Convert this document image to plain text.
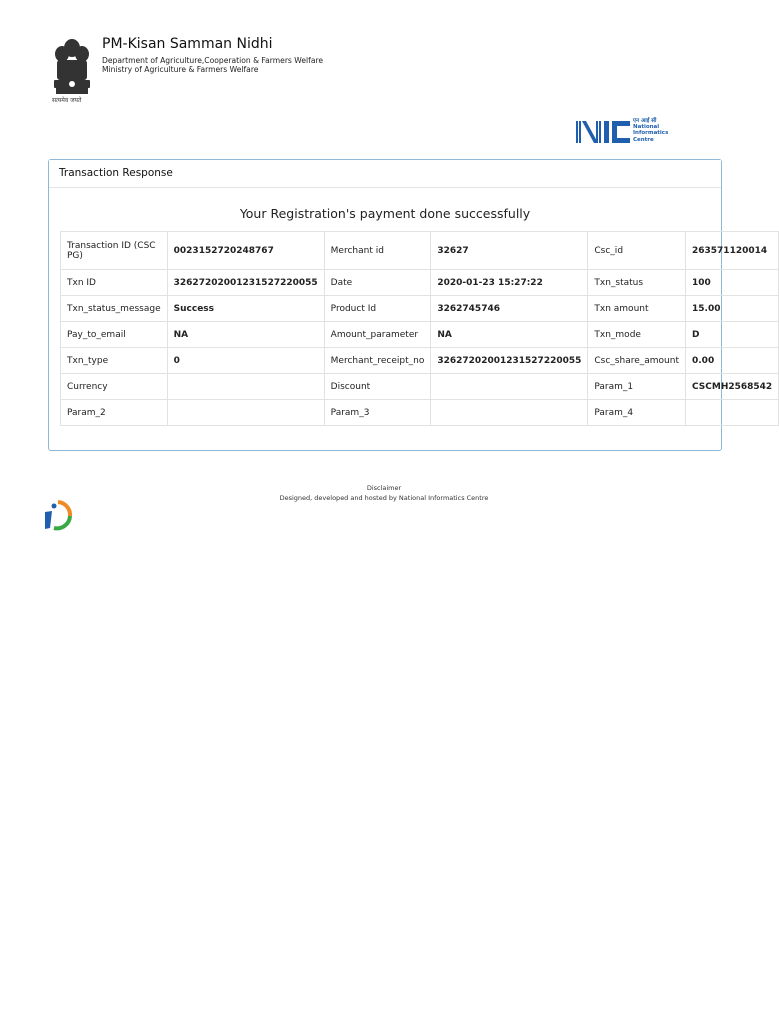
सत्यमेव जयते
PM-Kisan Samman Nidhi
Department of Agriculture,Cooperation & Farmers Welfare
Ministry of Agriculture & Farmers Welfare
एन आई सी
National
Informatics
Centre
Transaction Response
Your Registration's payment done successfully
Transaction ID (CSC PG)	0023152720248767	Merchant id	32627	Csc_id	263571120014
Txn ID	32627202001231527220055	Date	2020-01-23 15:27:22	Txn_status	100
Txn_status_message	Success	Product Id	3262745746	Txn amount	15.00
Pay_to_email	NA	Amount_parameter	NA	Txn_mode	D
Txn_type	0	Merchant_receipt_no	32627202001231527220055	Csc_share_amount	0.00
Currency		Discount		Param_1	CSCMH2568542
Param_2		Param_3		Param_4	
Disclaimer
Designed, developed and hosted by National Informatics Centre
